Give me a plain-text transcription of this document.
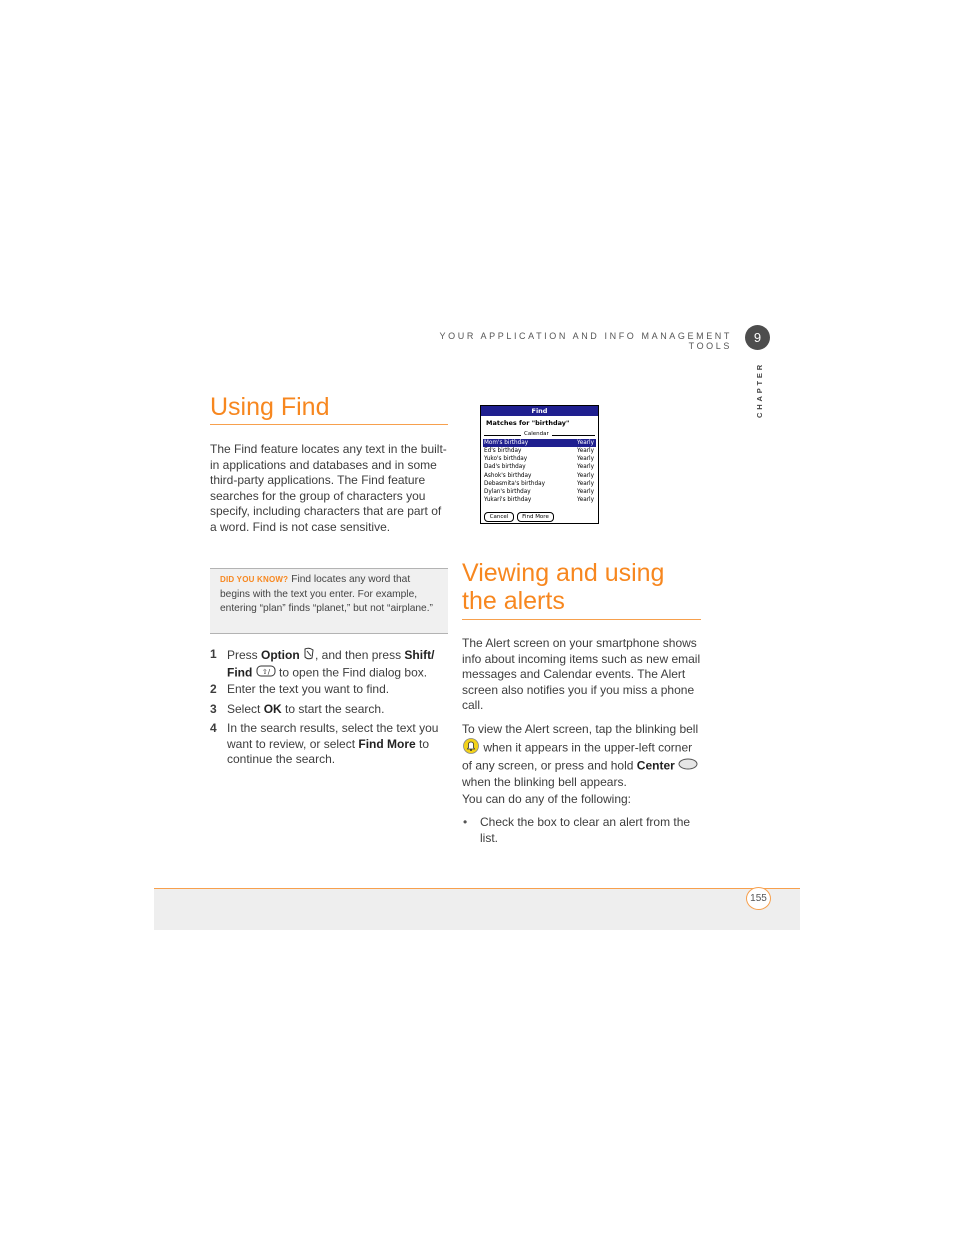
YOUR APPLICATION AND INFO MANAGEMENT TOOLS
9
CHAPTER
Using Find

The Find feature locates any text in the built-in applications and databases and in some third-party applications. The Find feature searches for the group of characters you specify, including characters that are part of a word. Find is not case sensitive.

DID YOU KNOW? Find locates any word that begins with the text you enter. For example, entering “plan” finds “planet,” but not “airplane.”
1 Press Option , and then press Shift/ Find ⇧/ to open the Find dialog box.
2 Enter the text you want to find.
3 Select OK to start the search.
4 In the search results, select the text you want to review, or select Find More to continue the search.
Find
Matches for "birthday"
Calendar
Mom's birthday	Yearly
Ed's birthday	Yearly
Yuko's birthday	Yearly
Dad's birthday	Yearly
Ashok's birthday	Yearly
Debasmita's birthday	Yearly
Dylan's birthday	Yearly
Yukari's birthday	Yearly
Cancel	Find More
Viewing and using
the alerts

The Alert screen on your smartphone shows info about incoming items such as new email messages and Calendar events. The Alert screen also notifies you if you miss a phone call.

To view the Alert screen, tap the blinking bell  when it appears in the upper-left corner of any screen, or press and hold Center  when the blinking bell appears.

You can do any of the following:

• Check the box to clear an alert from the list.

155
